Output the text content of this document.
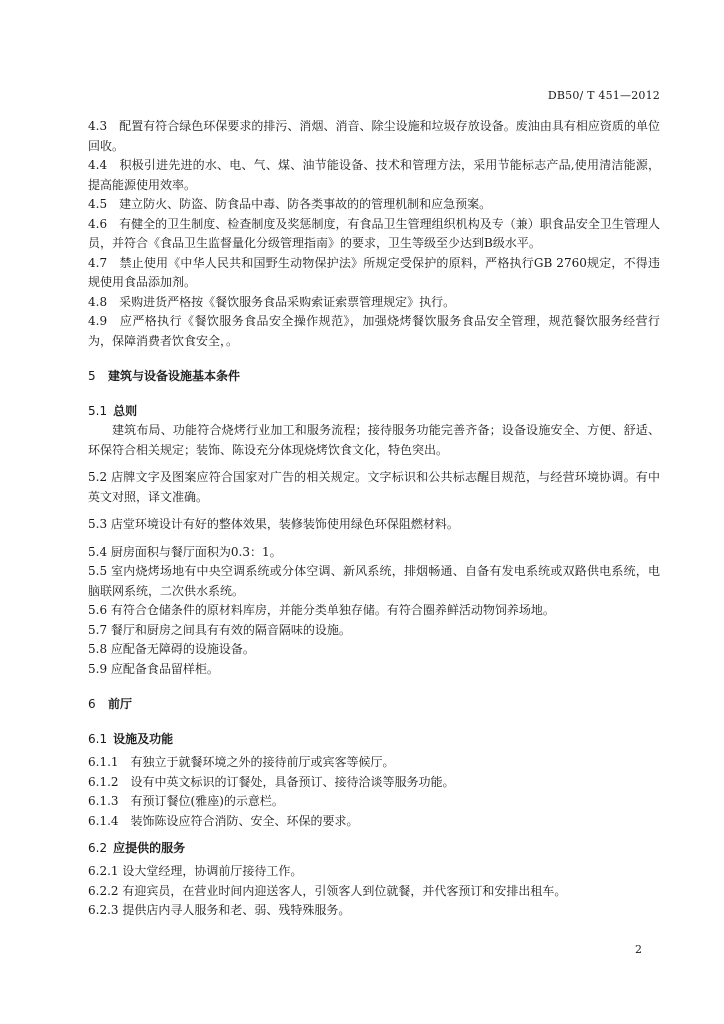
DB50/ T 451—2012

4.3　配置有符合绿色环保要求的排污、消烟、消音、除尘设施和垃圾存放设备。废油由具有相应资质的单位回收。

4.4　积极引进先进的水、电、气、煤、油节能设备、技术和管理方法，采用节能标志产品,使用清洁能源，提高能源使用效率。

4.5　建立防火、防盗、防食品中毒、防各类事故的的管理机制和应急预案。

4.6　有健全的卫生制度、检查制度及奖惩制度，有食品卫生管理组织机构及专（兼）职食品安全卫生管理人员，并符合《食品卫生监督量化分级管理指南》的要求，卫生等级至少达到B级水平。

4.7　禁止使用《中华人民共和国野生动物保护法》所规定受保护的原料，严格执行GB 2760规定，不得违规使用食品添加剂。

4.8　采购进货严格按《餐饮服务食品采购索证索票管理规定》执行。

4.9　应严格执行《餐饮服务食品安全操作规范》，加强烧烤餐饮服务食品安全管理，规范餐饮服务经营行为，保障消费者饮食安全，。

5 建筑与设备设施基本条件

5.1 总则

建筑布局、功能符合烧烤行业加工和服务流程；接待服务功能完善齐备；设备设施安全、方便、舒适、环保符合相关规定；装饰、陈设充分体现烧烤饮食文化，特色突出。

5.2 店牌文字及图案应符合国家对广告的相关规定。文字标识和公共标志醒目规范，与经营环境协调。有中英文对照，译文准确。

5.3 店堂环境设计有好的整体效果，装修装饰使用绿色环保阻燃材料。

5.4 厨房面积与餐厅面积为0.3：1。

5.5 室内烧烤场地有中央空调系统或分体空调、新风系统，排烟畅通、自备有发电系统或双路供电系统，电脑联网系统，二次供水系统。

5.6 有符合仓储条件的原材料库房，并能分类单独存储。有符合圈养鲜活动物饲养场地。

5.7 餐厅和厨房之间具有有效的隔音隔味的设施。

5.8 应配备无障碍的设施设备。

5.9 应配备食品留样柜。

6 前厅

6.1 设施及功能

6.1.1　有独立于就餐环境之外的接待前厅或宾客等候厅。

6.1.2　设有中英文标识的订餐处，具备预订、接待洽谈等服务功能。

6.1.3　有预订餐位(雅座)的示意栏。

6.1.4　装饰陈设应符合消防、安全、环保的要求。

6.2 应提供的服务

6.2.1 设大堂经理，协调前厅接待工作。

6.2.2 有迎宾员，在营业时间内迎送客人，引领客人到位就餐，并代客预订和安排出租车。

6.2.3 提供店内寻人服务和老、弱、残特殊服务。

2
